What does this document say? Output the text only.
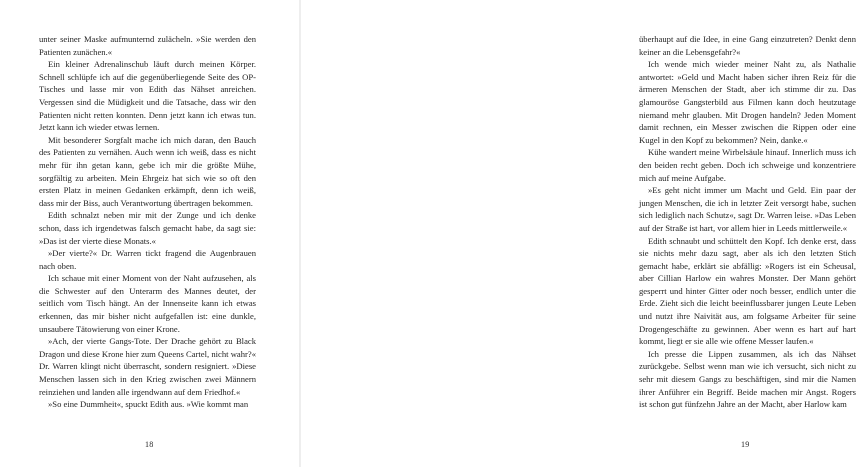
unter seiner Maske aufmunternd zulächeln. »Sie werden den Patienten zunächen.«

Ein kleiner Adrenalinschub läuft durch meinen Körper. Schnell schlüpfe ich auf die gegenüberliegende Seite des OP-Tisches und lasse mir von Edith das Nähset anreichen. Vergessen sind die Müdigkeit und die Tatsache, dass wir den Patienten nicht retten konnten. Denn jetzt kann ich etwas tun. Jetzt kann ich wieder etwas lernen.

Mit besonderer Sorgfalt mache ich mich daran, den Bauch des Patienten zu vernähen. Auch wenn ich weiß, dass es nicht mehr für ihn getan kann, gebe ich mir die größte Mühe, sorgfältig zu arbeiten. Mein Ehrgeiz hat sich wie so oft den ersten Platz in meinen Gedanken erkämpft, denn ich weiß, dass mir der Biss, auch Verantwortung übertragen bekommen.

Edith schnalzt neben mir mit der Zunge und ich denke schon, dass ich irgendetwas falsch gemacht habe, da sagt sie: »Das ist der vierte diese Monats.«

»Der vierte?« Dr. Warren tickt fragend die Augenbrauen nach oben.

Ich schaue mit einer Moment von der Naht aufzusehen, als die Schwester auf den Unterarm des Mannes deutet, der seitlich vom Tisch hängt. An der Innenseite kann ich etwas erkennen, das mir bisher nicht aufgefallen ist: eine dunkle, unsaubere Tätowierung von einer Krone.

»Ach, der vierte Gangs-Tote. Der Drache gehört zu Black Dragon und diese Krone hier zum Queens Cartel, nicht wahr?« Dr. Warren klingt nicht überrascht, sondern resigniert. »Diese Menschen lassen sich in den Krieg zwischen zwei Männern reinziehen und landen alle irgendwann auf dem Friedhof.«

»So eine Dummheit«, spuckt Edith aus. »Wie kommt man

18

überhaupt auf die Idee, in eine Gang einzutreten? Denkt denn keiner an die Lebensgefahr?«

Ich wende mich wieder meiner Naht zu, als Nathalie antwortet: »Geld und Macht haben sicher ihren Reiz für die ärmeren Menschen der Stadt, aber ich stimme dir zu. Das glamouröse Gangsterbild aus Filmen kann doch heutzutage niemand mehr glauben. Mit Drogen handeln? Jeden Moment damit rechnen, ein Messer zwischen die Rippen oder eine Kugel in den Kopf zu bekommen? Nein, danke.«

Kühe wandert meine Wirbelsäule hinauf. Innerlich muss ich den beiden recht geben. Doch ich schweige und konzentriere mich auf meine Aufgabe.

»Es geht nicht immer um Macht und Geld. Ein paar der jungen Menschen, die ich in letzter Zeit versorgt habe, suchen sich lediglich nach Schutz«, sagt Dr. Warren leise. »Das Leben auf der Straße ist hart, vor allem hier in Leeds mittlerweile.«

Edith schnaubt und schüttelt den Kopf. Ich denke erst, dass sie nichts mehr dazu sagt, aber als ich den letzten Stich gemacht habe, erklärt sie abfällig: »Rogers ist ein Scheusal, aber Cillian Harlow ein wahres Monster. Der Mann gehört gesperrt und hinter Gitter oder noch besser, endlich unter die Erde. Zieht sich die leicht beeinflussbarer jungen Leute Leben und nutzt ihre Naivität aus, am folgsame Arbeiter für seine Drogengeschäfte zu gewinnen. Aber wenn es hart auf hart kommt, liegt er sie alle wie offene Messer laufen.«

Ich presse die Lippen zusammen, als ich das Nähset zurückgebe. Selbst wenn man wie ich versucht, sich nicht zu sehr mit diesem Gangs zu beschäftigen, sind mir die Namen ihrer Anführer ein Begriff. Beide machen mir Angst. Rogers ist schon gut fünfzehn Jahre an der Macht, aber Harlow kam

19
